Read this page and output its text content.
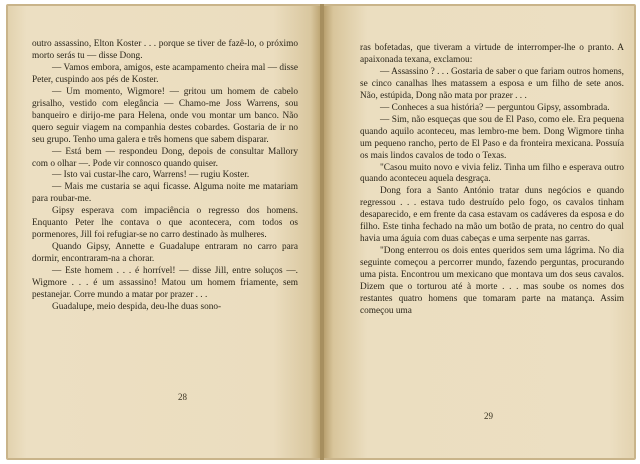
outro assassino, Elton Koster . . . porque se tiver de fazê-lo, o próximo morto serás tu — disse Dong.

— Vamos embora, amigos, este acampamento cheira mal — disse Peter, cuspindo aos pés de Koster.

— Um momento, Wigmore! — gritou um homem de cabelo grisalho, vestido com elegância — Chamo-me Joss Warrens, sou banqueiro e dirijo-me para Helena, onde vou montar um banco. Não quero seguir viagem na companhia destes cobardes. Gostaria de ir no seu grupo. Tenho uma galera e três homens que sabem disparar.

— Está bem — respondeu Dong, depois de consultar Mallory com o olhar —. Pode vir connosco quando quiser.

— Isto vai custar-lhe caro, Warrens! — rugiu Koster.

— Mais me custaria se aqui ficasse. Alguma noite me matariam para roubar-me.

Gipsy esperava com impaciência o regresso dos homens. Enquanto Peter lhe contava o que acontecera, com todos os pormenores, Jill foi refugiar-se no carro destinado às mulheres.

Quando Gipsy, Annette e Guadalupe entraram no carro para dormir, encontraram-na a chorar.

— Este homem . . . é horrível! — disse Jill, entre soluços —. Wigmore . . . é um assassino! Matou um homem friamente, sem pestanejar. Corre mundo a matar por prazer . . .

Guadalupe, meio despida, deu-lhe duas sono-

28

ras bofetadas, que tiveram a virtude de interromper-lhe o pranto. A apaixonada texana, exclamou:

— Assassino ? . . . Gostaria de saber o que fariam outros homens, se cinco canalhas lhes matassem a esposa e um filho de sete anos. Não, estúpida, Dong não mata por prazer . . .

— Conheces a sua história? — perguntou Gipsy, assombrada.

— Sim, não esqueças que sou de El Paso, como ele. Era pequena quando aquilo aconteceu, mas lembro-me bem. Dong Wigmore tinha um pequeno rancho, perto de El Paso e da fronteira mexicana. Possuía os mais lindos cavalos de todo o Texas.

"Casou muito novo e vivia feliz. Tinha um filho e esperava outro quando aconteceu aquela desgraça.

Dong fora a Santo António tratar duns negócios e quando regressou . . . estava tudo destruído pelo fogo, os cavalos tinham desaparecido, e em frente da casa estavam os cadáveres da esposa e do filho. Este tinha fechado na mão um botão de prata, no centro do qual havia uma águia com duas cabeças e uma serpente nas garras.

"Dong enterrou os dois entes queridos sem uma lágrima. No dia seguinte começou a percorrer mundo, fazendo perguntas, procurando uma pista. Encontrou um mexicano que montava um dos seus cavalos. Dizem que o torturou até à morte . . . mas soube os nomes dos restantes quatro homens que tomaram parte na matança. Assim começou uma

29
